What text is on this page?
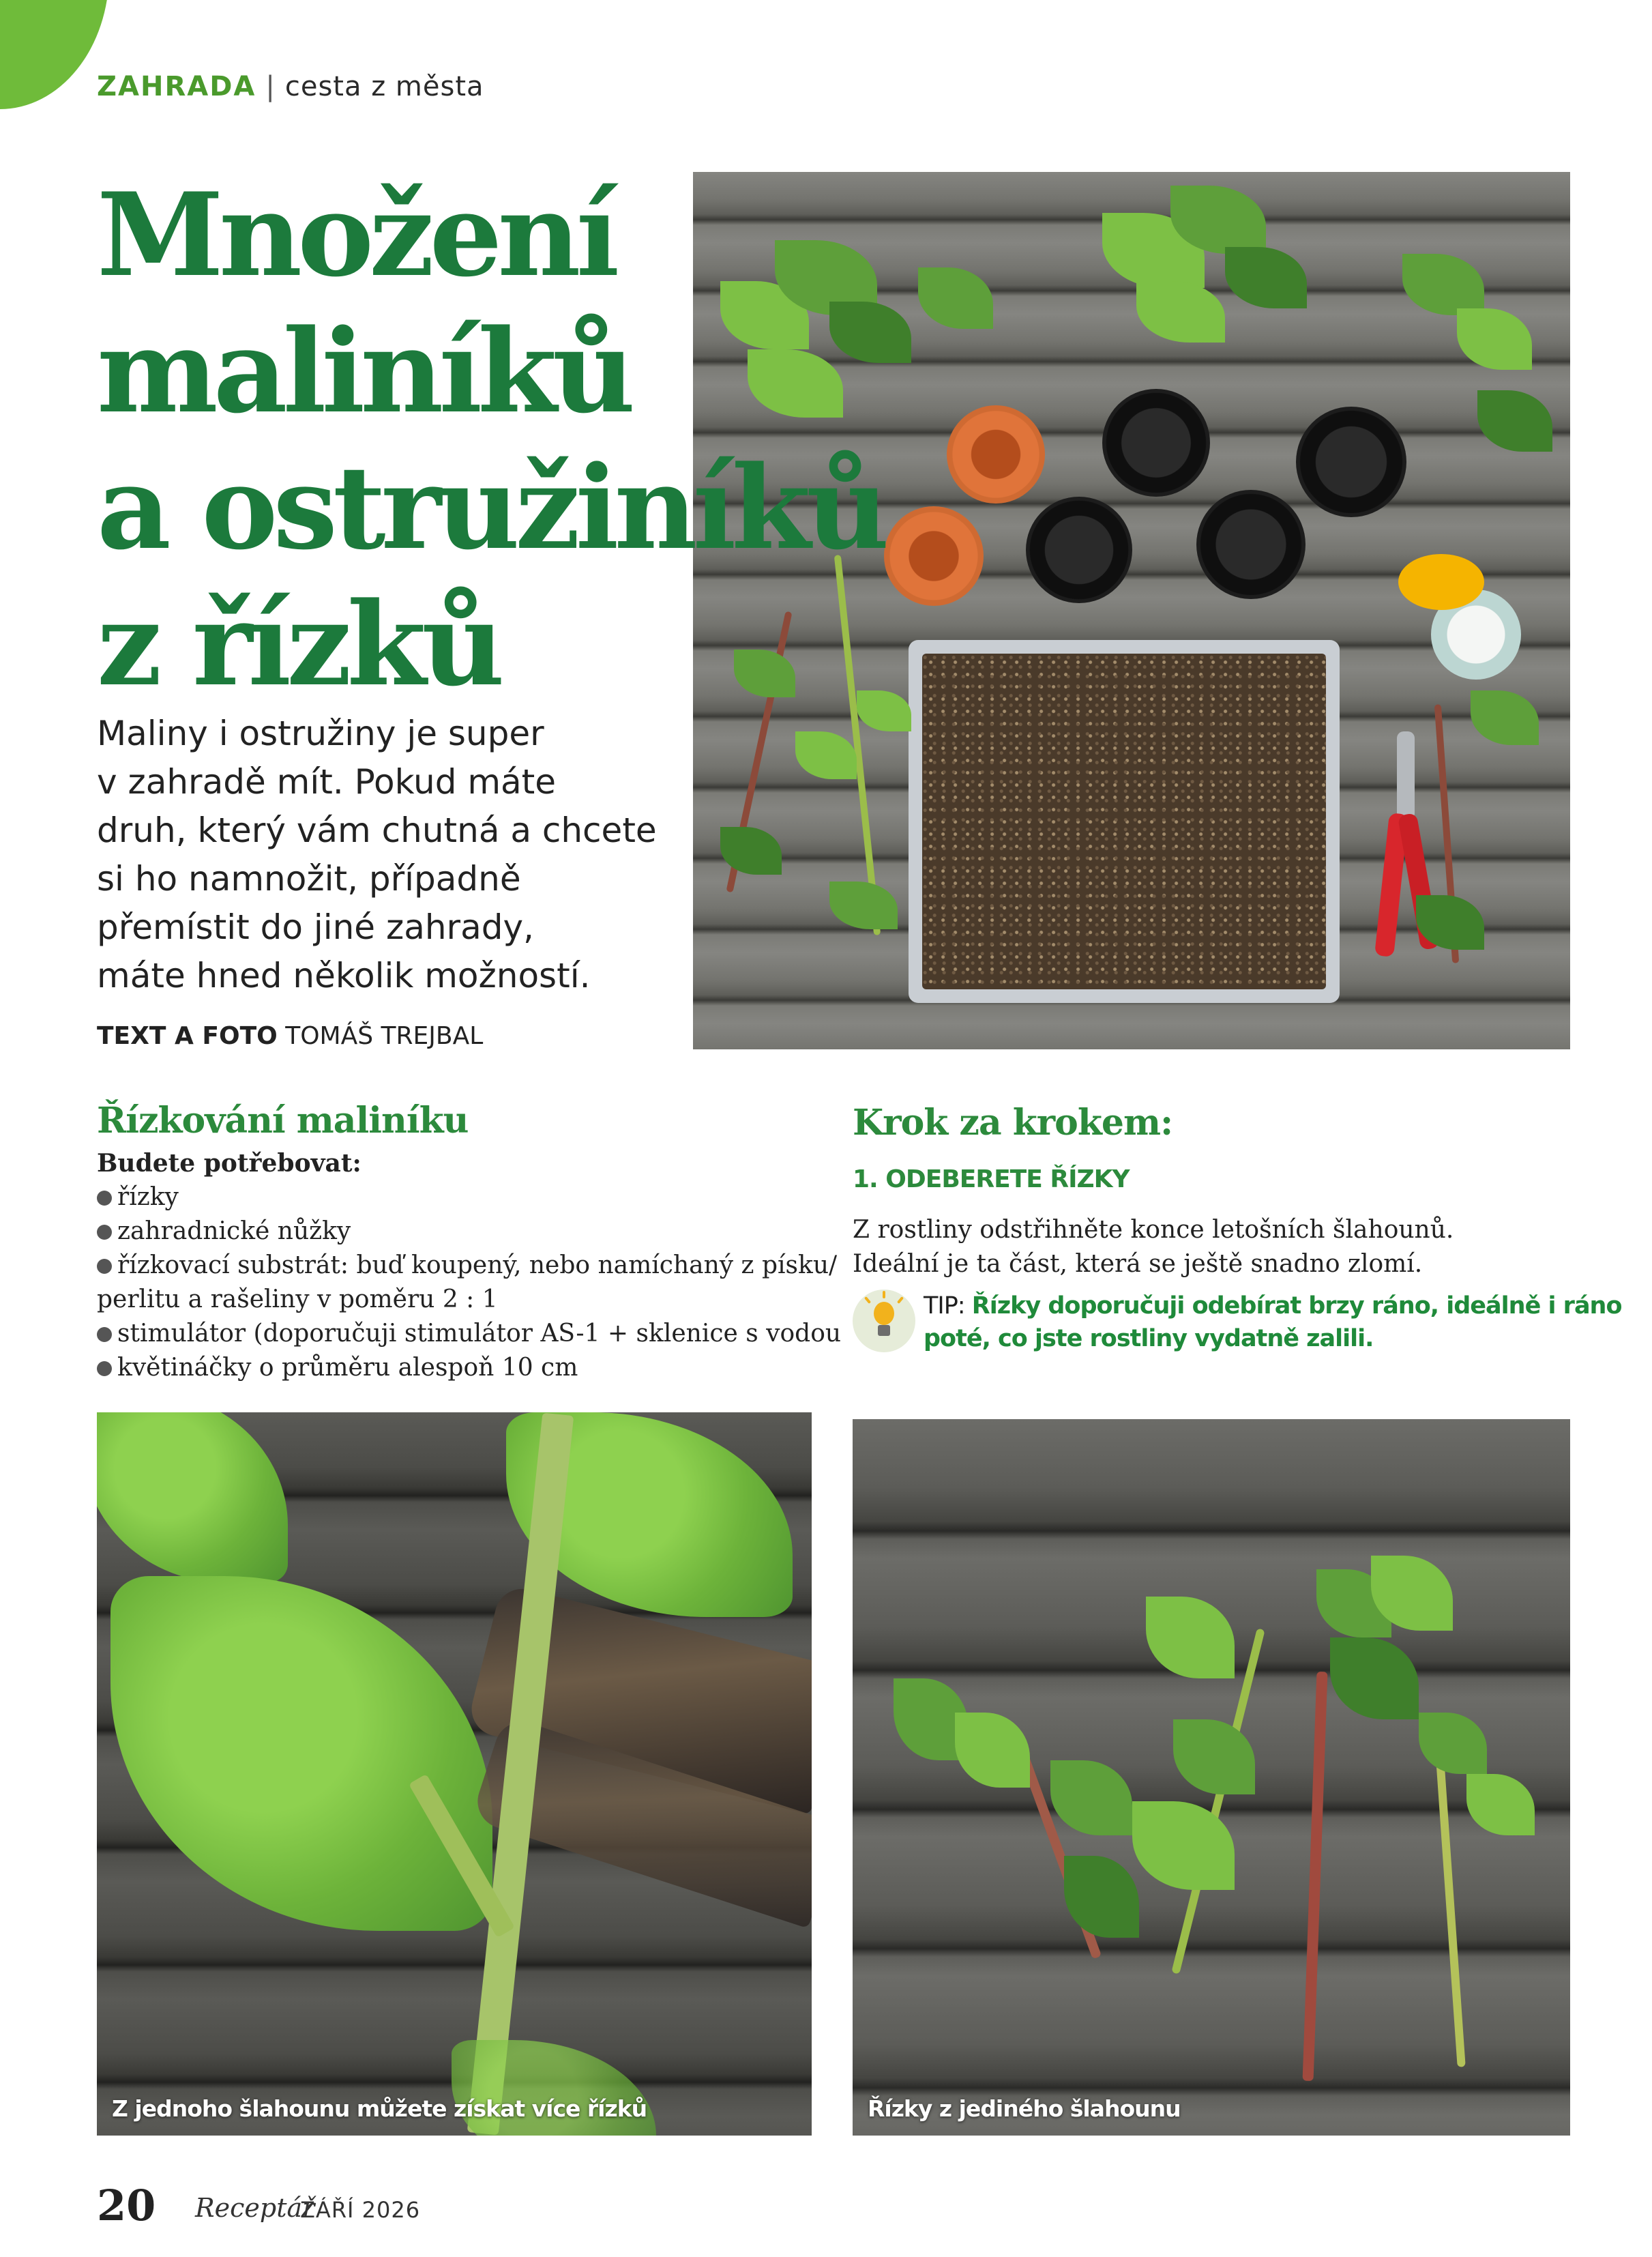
ZAHRADA | cesta z města
Množení
maliníků
a ostružiníků
z řízků
Maliny i ostružiny je super
v zahradě mít. Pokud máte
druh, který vám chutná a chcete
si ho namnožit, případně
přemístit do jiné zahrady,
máte hned několik možností.
TEXT A FOTO TOMÁŠ TREJBAL
Řízkování maliníku
Budete potřebovat:
řízky
zahradnické nůžky
řízkovací substrát: buď koupený, nebo namíchaný z písku/
perlitu a rašeliny v poměru 2 : 1
stimulátor (doporučuji stimulátor AS-1 + sklenice s vodou
květináčky o průměru alespoň 10 cm
Krok za krokem:
1. ODEBERETE ŘÍZKY
Z rostliny odstřihněte konce letošních šlahounů.
Ideální je ta část, která se ještě snadno zlomí.
TIP: Řízky doporučuji odebírat brzy ráno, ideálně i ráno
poté, co jste rostliny vydatně zalili.
Z jednoho šlahounu můžete získat více řízků	Řízky z jediného šlahounu
20 Receptář
ZÁŘÍ 2026
